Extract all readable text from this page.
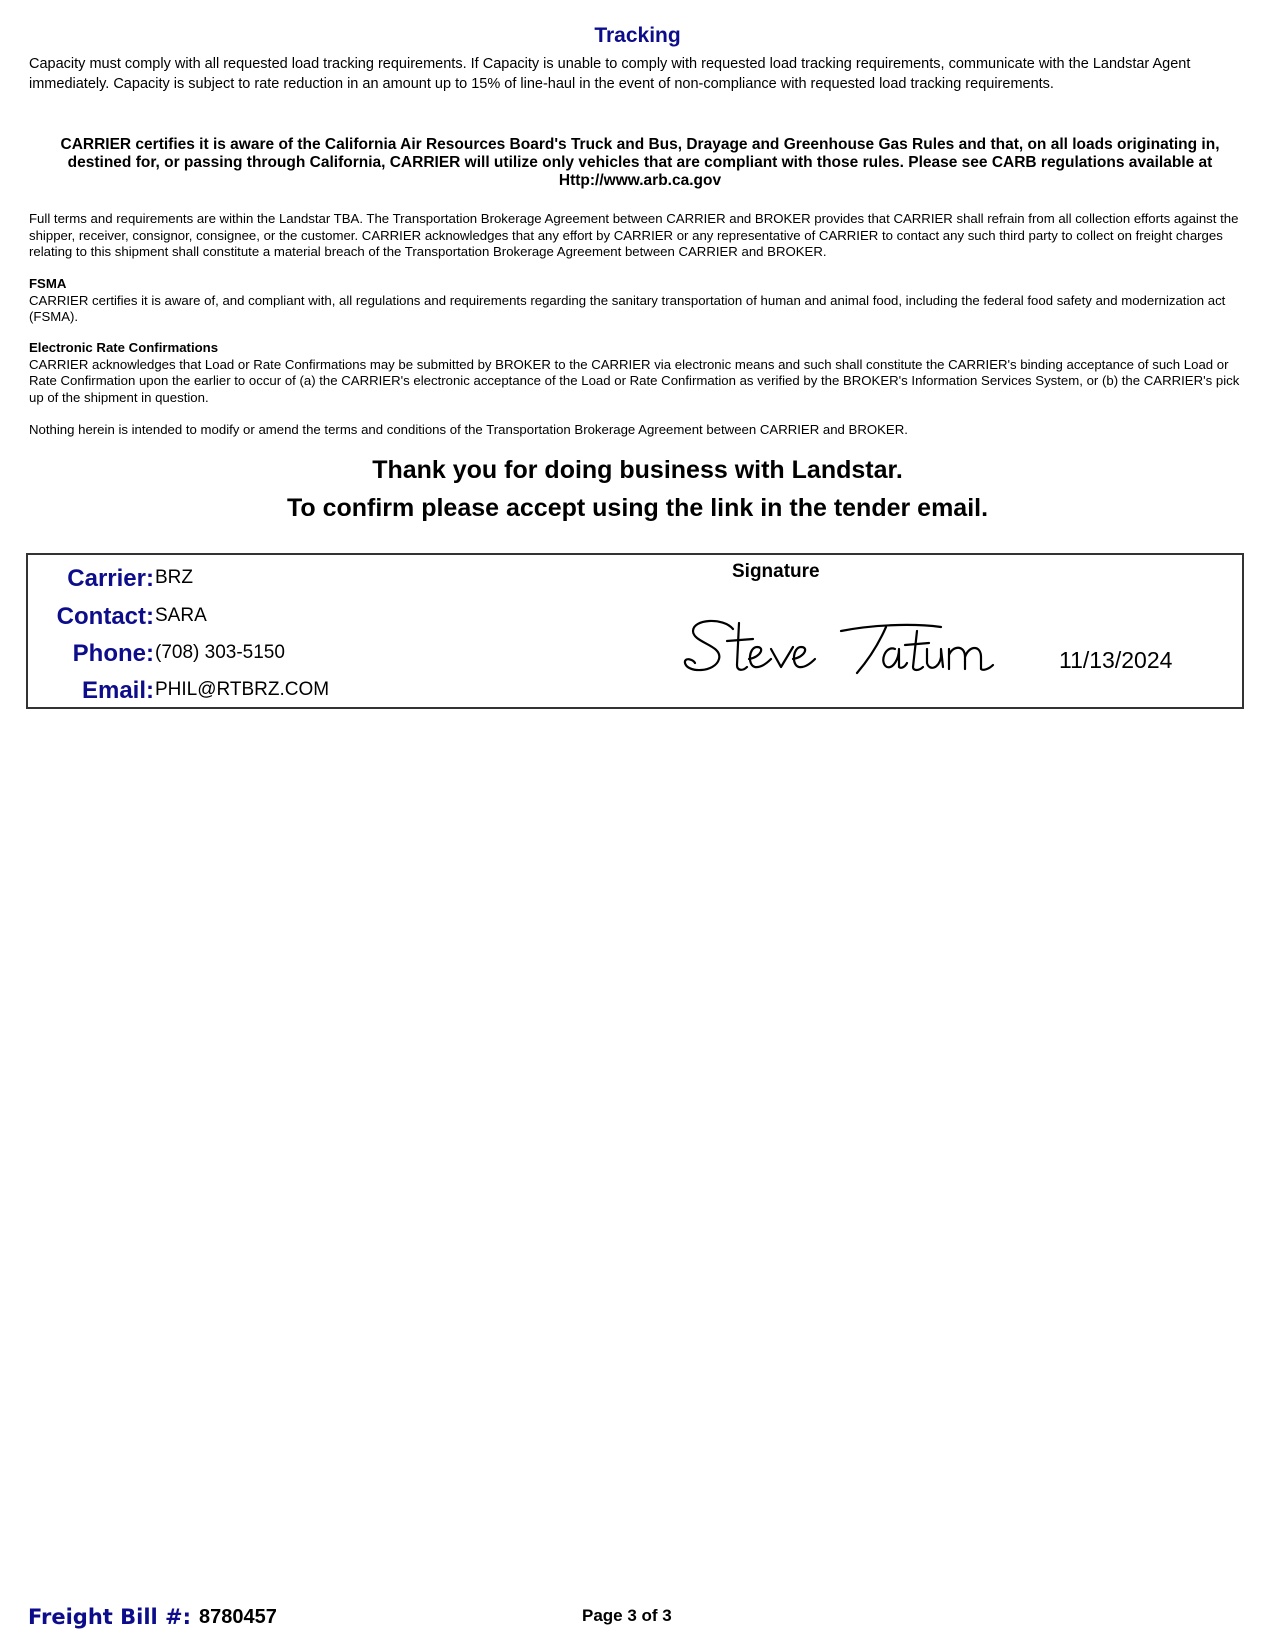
Tracking
Capacity must comply with all requested load tracking requirements. If Capacity is unable to comply with requested load tracking requirements, communicate with the Landstar Agent immediately. Capacity is subject to rate reduction in an amount up to 15% of line-haul in the event of non-compliance with requested load tracking requirements.
CARRIER certifies it is aware of the California Air Resources Board's Truck and Bus, Drayage and Greenhouse Gas Rules and that, on all loads originating in, destined for, or passing through California, CARRIER will utilize only vehicles that are compliant with those rules. Please see CARB regulations available at Http://www.arb.ca.gov
Full terms and requirements are within the Landstar TBA. The Transportation Brokerage Agreement between CARRIER and BROKER provides that CARRIER shall refrain from all collection efforts against the shipper, receiver, consignor, consignee, or the customer. CARRIER acknowledges that any effort by CARRIER or any representative of CARRIER to contact any such third party to collect on freight charges relating to this shipment shall constitute a material breach of the Transportation Brokerage Agreement between CARRIER and BROKER.
FSMA
CARRIER certifies it is aware of, and compliant with, all regulations and requirements regarding the sanitary transportation of human and animal food, including the federal food safety and modernization act (FSMA).
Electronic Rate Confirmations
CARRIER acknowledges that Load or Rate Confirmations may be submitted by BROKER to the CARRIER via electronic means and such shall constitute the CARRIER's binding acceptance of such Load or Rate Confirmation upon the earlier to occur of (a) the CARRIER's electronic acceptance of the Load or Rate Confirmation as verified by the BROKER's Information Services System, or (b) the CARRIER's pick up of the shipment in question.
Nothing herein is intended to modify or amend the terms and conditions of the Transportation Brokerage Agreement between CARRIER and BROKER.
Thank you for doing business with Landstar.
To confirm please accept using the link in the tender email.
Carrier: BRZ
Contact: SARA
Phone: (708) 303-5150
Email: PHIL@RTBRZ.COM
Signature
11/13/2024
Freight Bill #: 8780457	Page 3 of 3
